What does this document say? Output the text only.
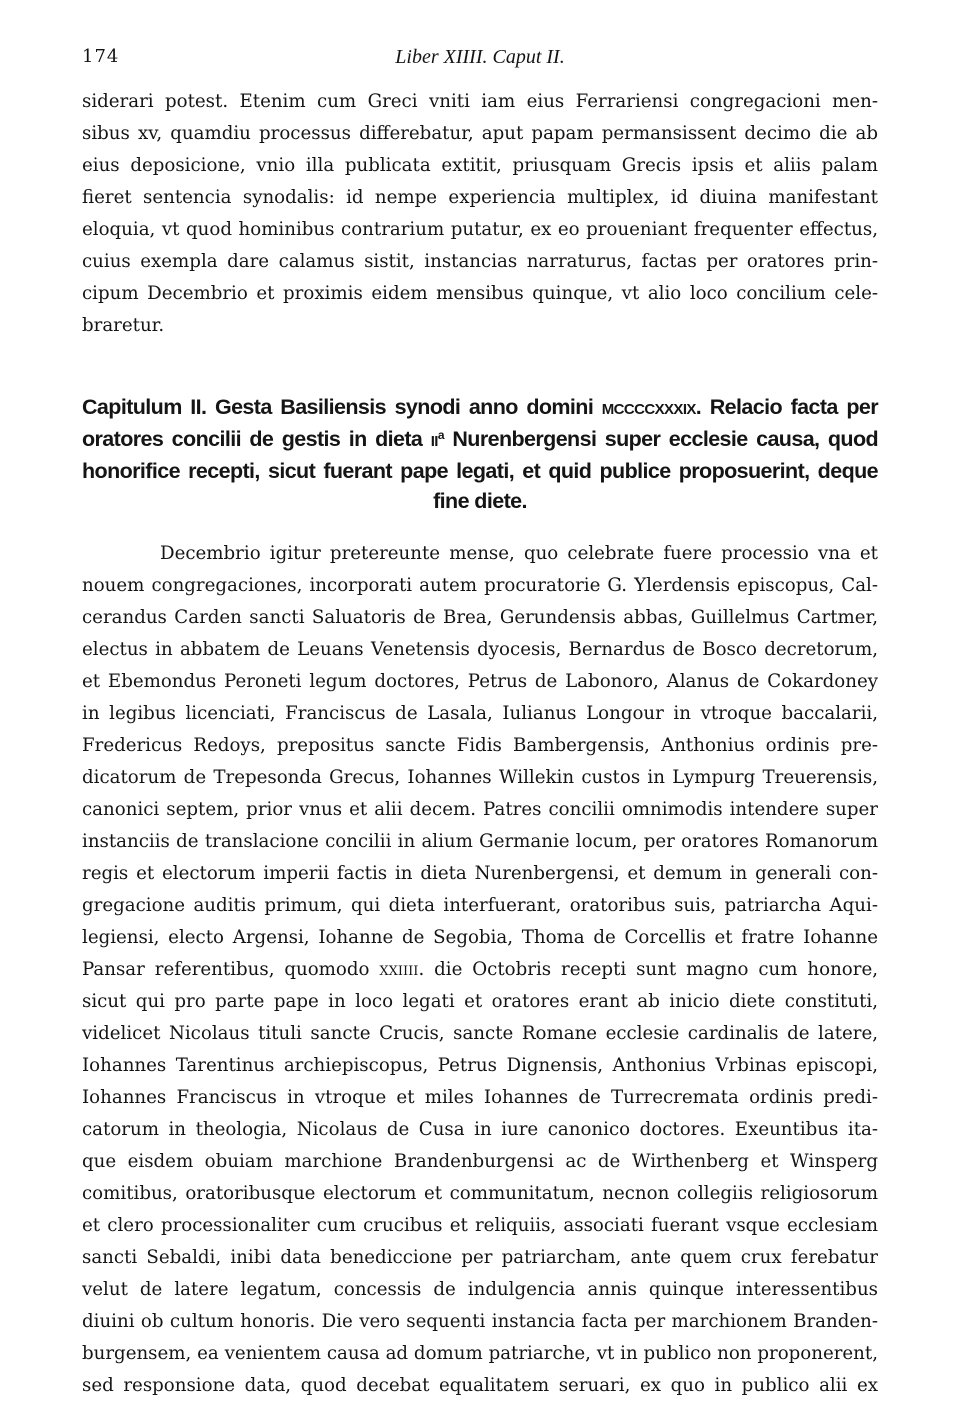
174	Liber XIIII. Caput II.
siderari potest. Etenim cum Greci vniti iam eius Ferrariensi congregacioni men-
sibus xv, quamdiu processus differebatur, aput papam permansissent decimo die ab
eius deposicione, vnio illa publicata extitit, priusquam Grecis ipsis et aliis palam
fieret sentencia synodalis: id nempe experiencia multiplex, id diuina manifestant
eloquia, vt quod hominibus contrarium putatur, ex eo proueniant frequenter effectus,
cuius exempla dare calamus sistit, instancias narraturus, factas per oratores prin-
cipum Decembrio et proximis eidem mensibus quinque, vt alio loco concilium cele-
braretur.
Capitulum II. Gesta Basiliensis synodi anno domini mccccxxxix. Relacio facta per
oratores concilii de gestis in dieta $ii^a$ Nurenbergensi super ecclesie causa, quod
honorifice recepti, sicut fuerant pape legati, et quid publice proposuerint, deque
fine diete.
Decembrio igitur pretereunte mense, quo celebrate fuere processio vna et
nouem congregaciones, incorporati autem procuratorie G. Ylerdensis episcopus, Cal-
cerandus Carden sancti Saluatoris de Brea, Gerundensis abbas, Guillelmus Cartmer,
electus in abbatem de Leuans Venetensis dyocesis, Bernardus de Bosco decretorum,
et Ebemondus Peroneti legum doctores, Petrus de Labonoro, Alanus de Cokardoney
in legibus licenciati, Franciscus de Lasala, Iulianus Longour in vtroque baccalarii,
Fredericus Redoys, prepositus sancte Fidis Bambergensis, Anthonius ordinis pre-
dicatorum de Trepesonda Grecus, Iohannes Willekin custos in Lympurg Treuerensis,
canonici septem, prior vnus et alii decem. Patres concilii omnimodis intendere super
instanciis de translacione concilii in alium Germanie locum, per oratores Romanorum
regis et electorum imperii factis in dieta Nurenbergensi, et demum in generali con-
gregacione auditis primum, qui dieta interfuerant, oratoribus suis, patriarcha Aqui-
legiensi, electo Argensi, Iohanne de Segobia, Thoma de Corcellis et fratre Iohanne
Pansar referentibus, quomodo xxiiii. die Octobris recepti sunt magno cum honore,
sicut qui pro parte pape in loco legati et oratores erant ab inicio diete constituti,
videlicet Nicolaus tituli sancte Crucis, sancte Romane ecclesie cardinalis de latere,
Iohannes Tarentinus archiepiscopus, Petrus Dignensis, Anthonius Vrbinas episcopi,
Iohannes Franciscus in vtroque et miles Iohannes de Turrecremata ordinis predi-
catorum in theologia, Nicolaus de Cusa in iure canonico doctores. Exeuntibus ita-
que eisdem obuiam marchione Brandenburgensi ac de Wirthenberg et Winsperg
comitibus, oratoribusque electorum et communitatum, necnon collegiis religiosorum
et clero processionaliter cum crucibus et reliquiis, associati fuerant vsque ecclesiam
sancti Sebaldi, inibi data benediccione per patriarcham, ante quem crux ferebatur
velut de latere legatum, concessis de indulgencia annis quinque interessentibus
diuini ob cultum honoris. Die vero sequenti instancia facta per marchionem Branden-
burgensem, ea venientem causa ad domum patriarche, vt in publico non proponerent,
sed responsione data, quod decebat equalitatem seruari, ex quo in publico alii ex
